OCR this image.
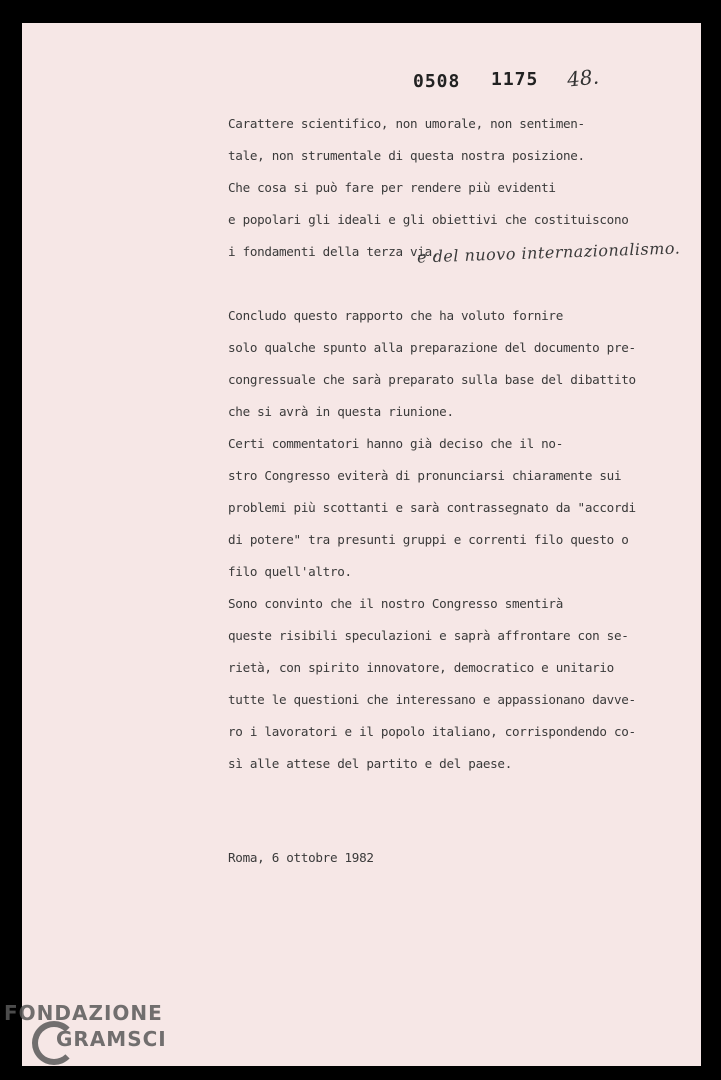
0508 1175 48.
Carattere scientifico, non umorale, non sentimen-
tale, non strumentale di questa nostra posizione.
Che cosa si può fare per rendere più evidenti
e popolari gli ideali e gli obiettivi che costituiscono
i fondamenti della terza via,
e del nuovo internazionalismo.
Concludo questo rapporto che ha voluto fornire
solo qualche spunto alla preparazione del documento pre-
congressuale che sarà preparato sulla base del dibattito
che si avrà in questa riunione.
Certi commentatori hanno già deciso che il no-
stro Congresso eviterà di pronunciarsi chiaramente sui
problemi più scottanti e sarà contrassegnato da "accordi
di potere" tra presunti gruppi e correnti filo questo o
filo quell'altro.
Sono convinto che il nostro Congresso smentirà
queste risibili speculazioni e saprà affrontare con se-
rietà, con spirito innovatore, democratico e unitario
tutte le questioni che interessano e appassionano davve-
ro i lavoratori e il popolo italiano, corrispondendo co-
sì alle attese del partito e del paese.
Roma, 6 ottobre 1982
FONDAZIONE
GRAMSCI
